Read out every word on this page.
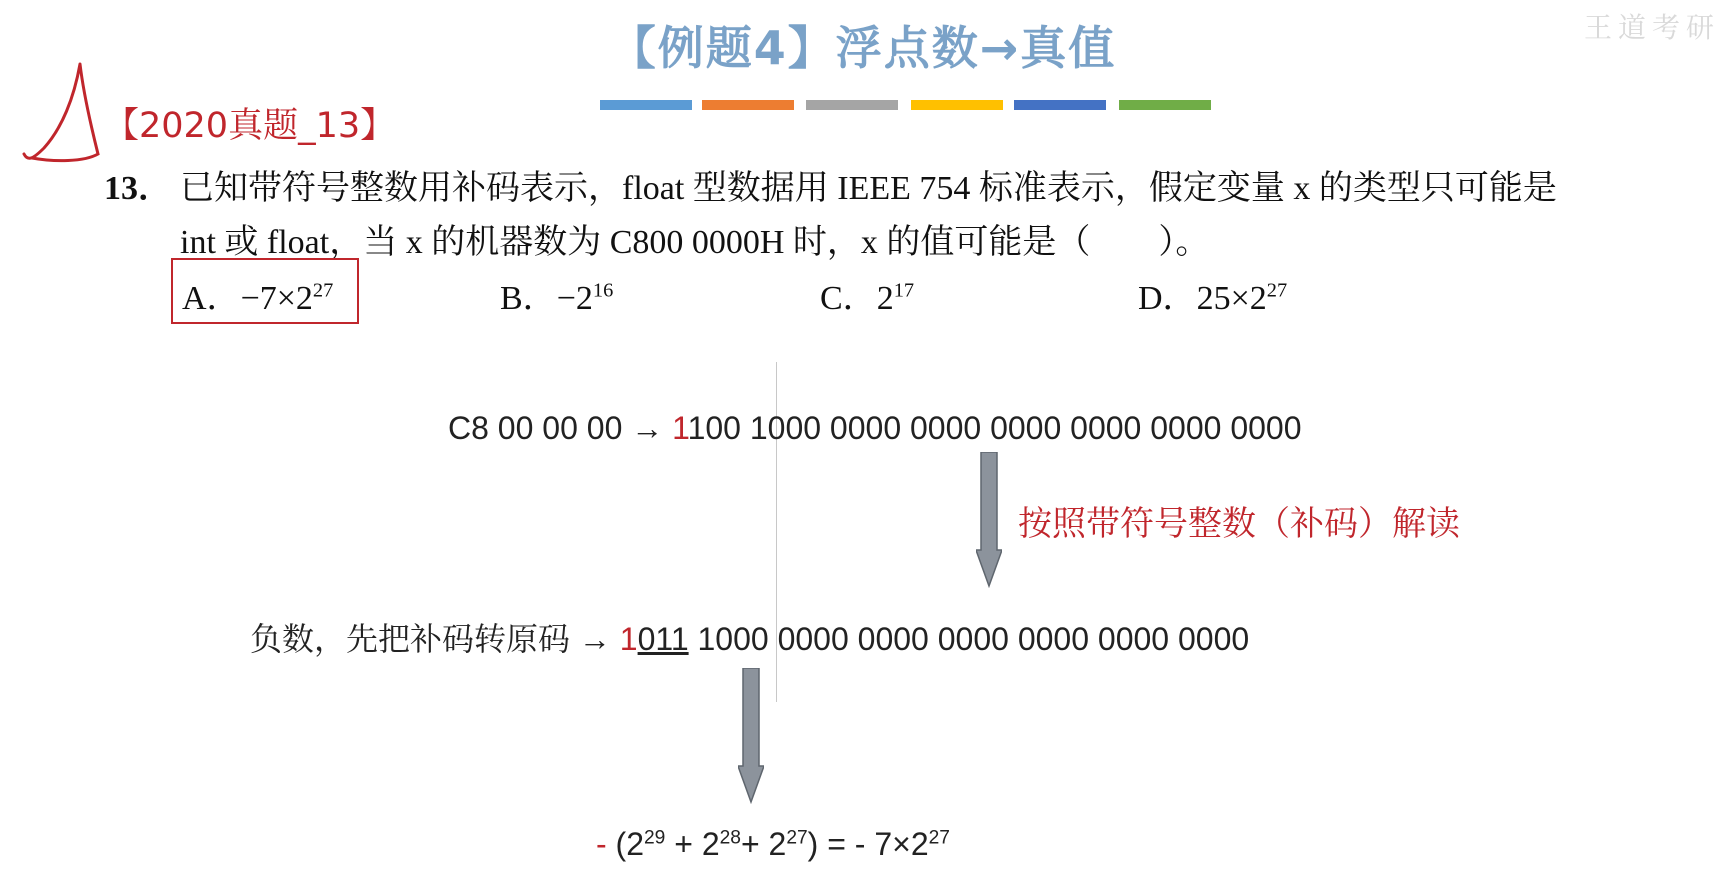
【例题4】浮点数→真值	王道考研
【2020真题_13】
13． 已知带符号整数用补码表示，float 型数据用 IEEE 754 标准表示，假定变量 x 的类型只可能是
int 或 float，当 x 的机器数为 C800 0000H 时，x 的值可能是（　　）。
A．$-7\times 2^{27}$	B．$-2^{16}$	C．$2^{17}$	D．$25\times 2^{27}$
C8 00 00 00 → 1100 1000 0000 0000 0000 0000 0000 0000
按照带符号整数（补码）解读
负数，先把补码转原码 → 1011 1000 0000 0000 0000 0000 0000 0000
- $(2^{29} + 2^{28}+ 2^{27})$ = - $7\times 2^{27}$
